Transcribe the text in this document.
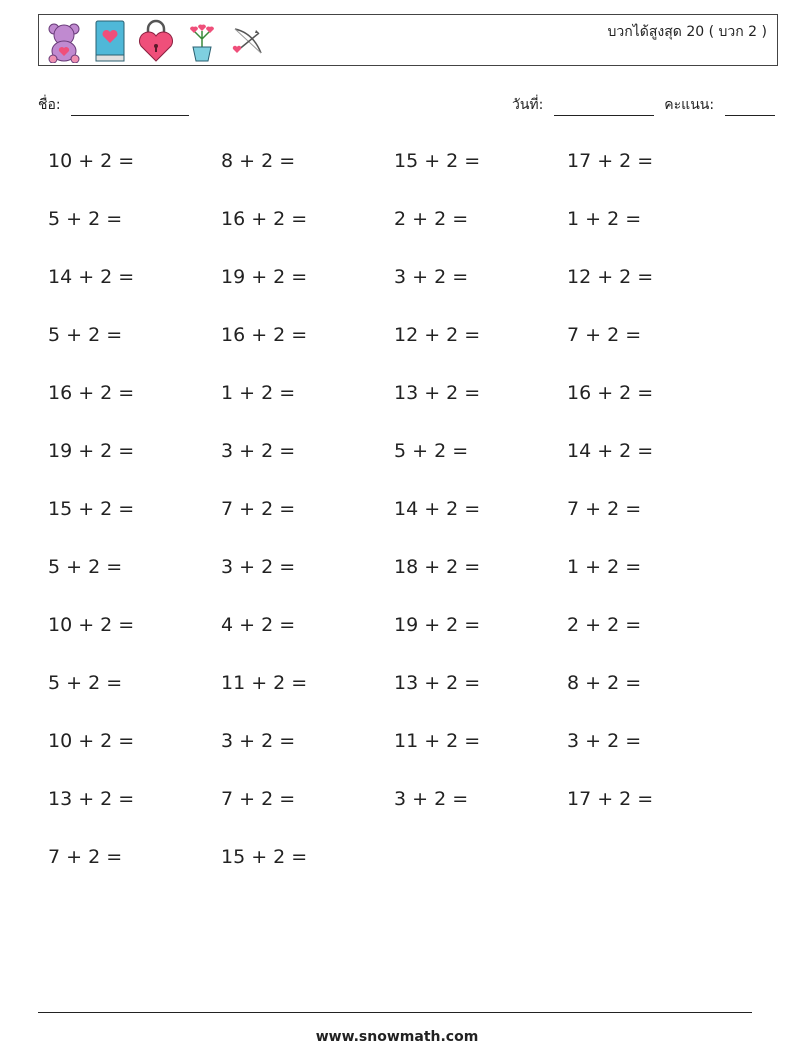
บวกได้สูงสุด 20 ( บวก 2 )
ชื่อ:	วันที่:	คะแนน:
10 + 2 =	8 + 2 =	15 + 2 =	17 + 2 =
5 + 2 =	16 + 2 =	2 + 2 =	1 + 2 =
14 + 2 =	19 + 2 =	3 + 2 =	12 + 2 =
5 + 2 =	16 + 2 =	12 + 2 =	7 + 2 =
16 + 2 =	1 + 2 =	13 + 2 =	16 + 2 =
19 + 2 =	3 + 2 =	5 + 2 =	14 + 2 =
15 + 2 =	7 + 2 =	14 + 2 =	7 + 2 =
5 + 2 =	3 + 2 =	18 + 2 =	1 + 2 =
10 + 2 =	4 + 2 =	19 + 2 =	2 + 2 =
5 + 2 =	11 + 2 =	13 + 2 =	8 + 2 =
10 + 2 =	3 + 2 =	11 + 2 =	3 + 2 =
13 + 2 =	7 + 2 =	3 + 2 =	17 + 2 =
7 + 2 =	15 + 2 =
www.snowmath.com
